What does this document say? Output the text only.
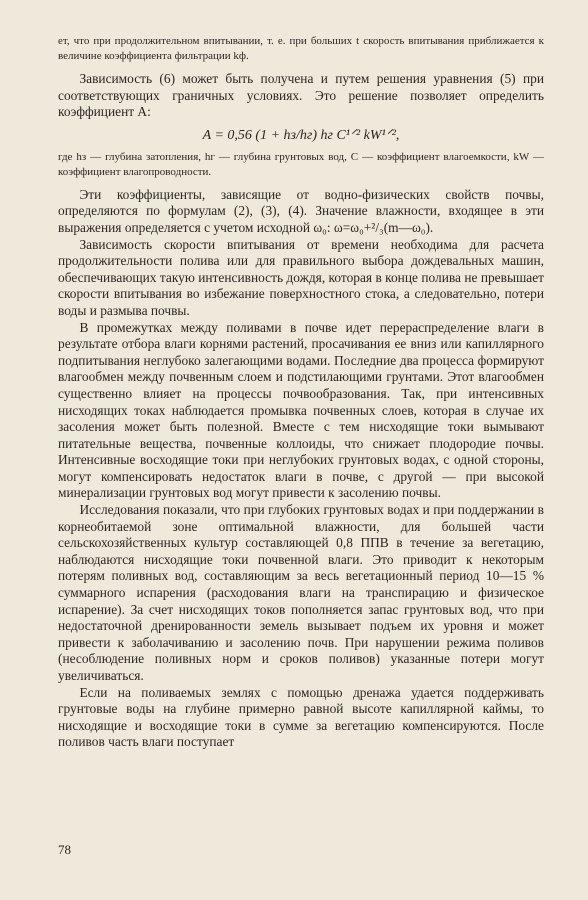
ет, что при продолжительном впитывании, т. е. при больших t скорость впитывания приближается к величине коэффициента фильтрации kф.

Зависимость (6) может быть получена и путем решения уравнения (5) при соответствующих граничных условиях. Это решение позволяет определить коэффициент A:

A = 0,56 (1 + hз/hг) hг C¹ᐟ² kW¹ᐟ²,

где hз — глубина затопления, hг — глубина грунтовых вод, C — коэффициент влагоемкости, kW — коэффициент влагопроводности.

Эти коэффициенты, зависящие от водно-физических свойств почвы, определяются по формулам (2), (3), (4). Значение влажности, входящее в эти выражения определяется с учетом исходной ω₀: ω=ω₀+²/₃(m—ω₀).

Зависимость скорости впитывания от времени необходима для расчета продолжительности полива или для правильного выбора дождевальных машин, обеспечивающих такую интенсивность дождя, которая в конце полива не превышает скорости впитывания во избежание поверхностного стока, а следовательно, потери воды и размыва почвы.

В промежутках между поливами в почве идет перераспределение влаги в результате отбора влаги корнями растений, просачивания ее вниз или капиллярного подпитывания неглубоко залегающими водами. Последние два процесса формируют влагообмен между почвенным слоем и подстилающими грунтами. Этот влагообмен существенно влияет на процессы почвообразования. Так, при интенсивных нисходящих токах наблюдается промывка почвенных слоев, которая в случае их засоления может быть полезной. Вместе с тем нисходящие токи вымывают питательные вещества, почвенные коллоиды, что снижает плодородие почвы. Интенсивные восходящие токи при неглубоких грунтовых водах, с одной стороны, могут компенсировать недостаток влаги в почве, с другой — при высокой минерализации грунтовых вод могут привести к засолению почвы.

Исследования показали, что при глубоких грунтовых водах и при поддержании в корнеобитаемой зоне оптимальной влажности, для большей части сельскохозяйственных культур составляющей 0,8 ППВ в течение за вегетацию, наблюдаются нисходящие токи почвенной влаги. Это приводит к некоторым потерям поливных вод, составляющим за весь вегетационный период 10—15 % суммарного испарения (расходования влаги на транспирацию и физическое испарение). За счет нисходящих токов пополняется запас грунтовых вод, что при недостаточной дренированности земель вызывает подъем их уровня и может привести к заболачиванию и засолению почв. При нарушении режима поливов (несоблюдение поливных норм и сроков поливов) указанные потери могут увеличиваться.

Если на поливаемых землях с помощью дренажа удается поддерживать грунтовые воды на глубине примерно равной высоте капиллярной каймы, то нисходящие и восходящие токи в сумме за вегетацию компенсируются. После поливов часть влаги поступает

78
